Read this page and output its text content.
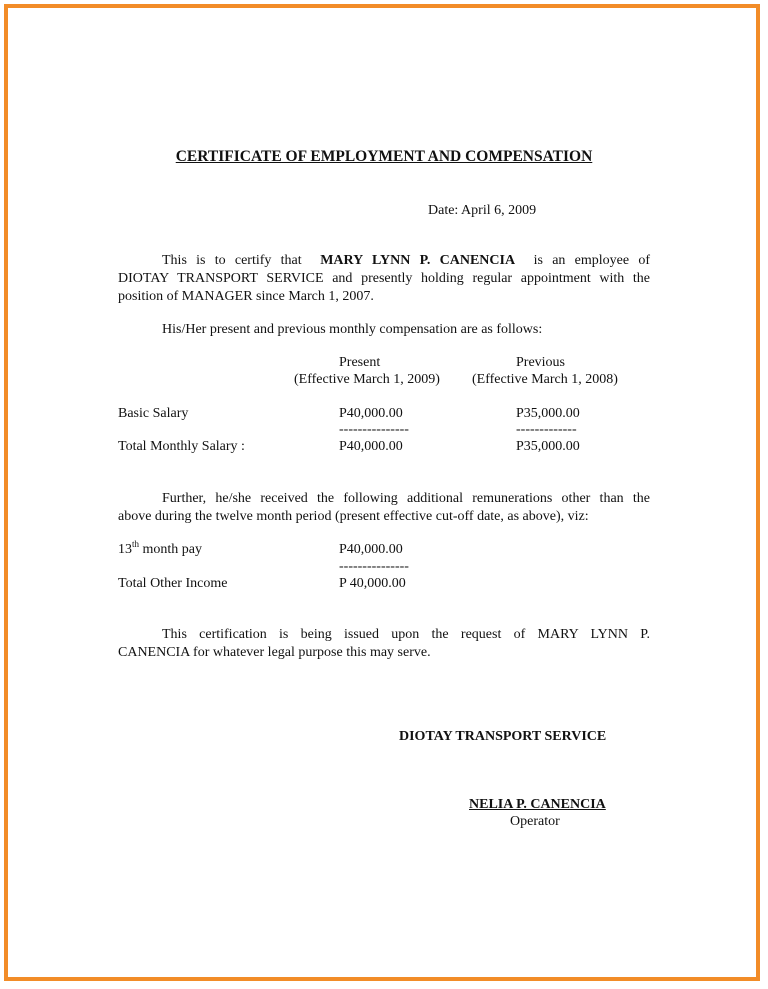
CERTIFICATE OF EMPLOYMENT AND COMPENSATION
Date: April 6, 2009
This is to certify that MARY LYNN P. CANENCIA is an employee of
DIOTAY TRANSPORT SERVICE and presently holding regular appointment with the
position of MANAGER since March 1, 2007.
His/Her present and previous monthly compensation are as follows:
Present	Previous
(Effective March 1, 2009) (Effective March 1, 2008)
Basic Salary	P40,000.00	P35,000.00
---------------	-------------
Total Monthly Salary :	P40,000.00	P35,000.00
Further, he/she received the following additional remunerations other than the
above during the twelve month period (present effective cut-off date, as above), viz:
13th month pay	P40,000.00
---------------
Total Other Income	P 40,000.00
This certification is being issued upon the request of MARY LYNN P.
CANENCIA for whatever legal purpose this may serve.
DIOTAY TRANSPORT SERVICE
NELIA P. CANENCIA
Operator
